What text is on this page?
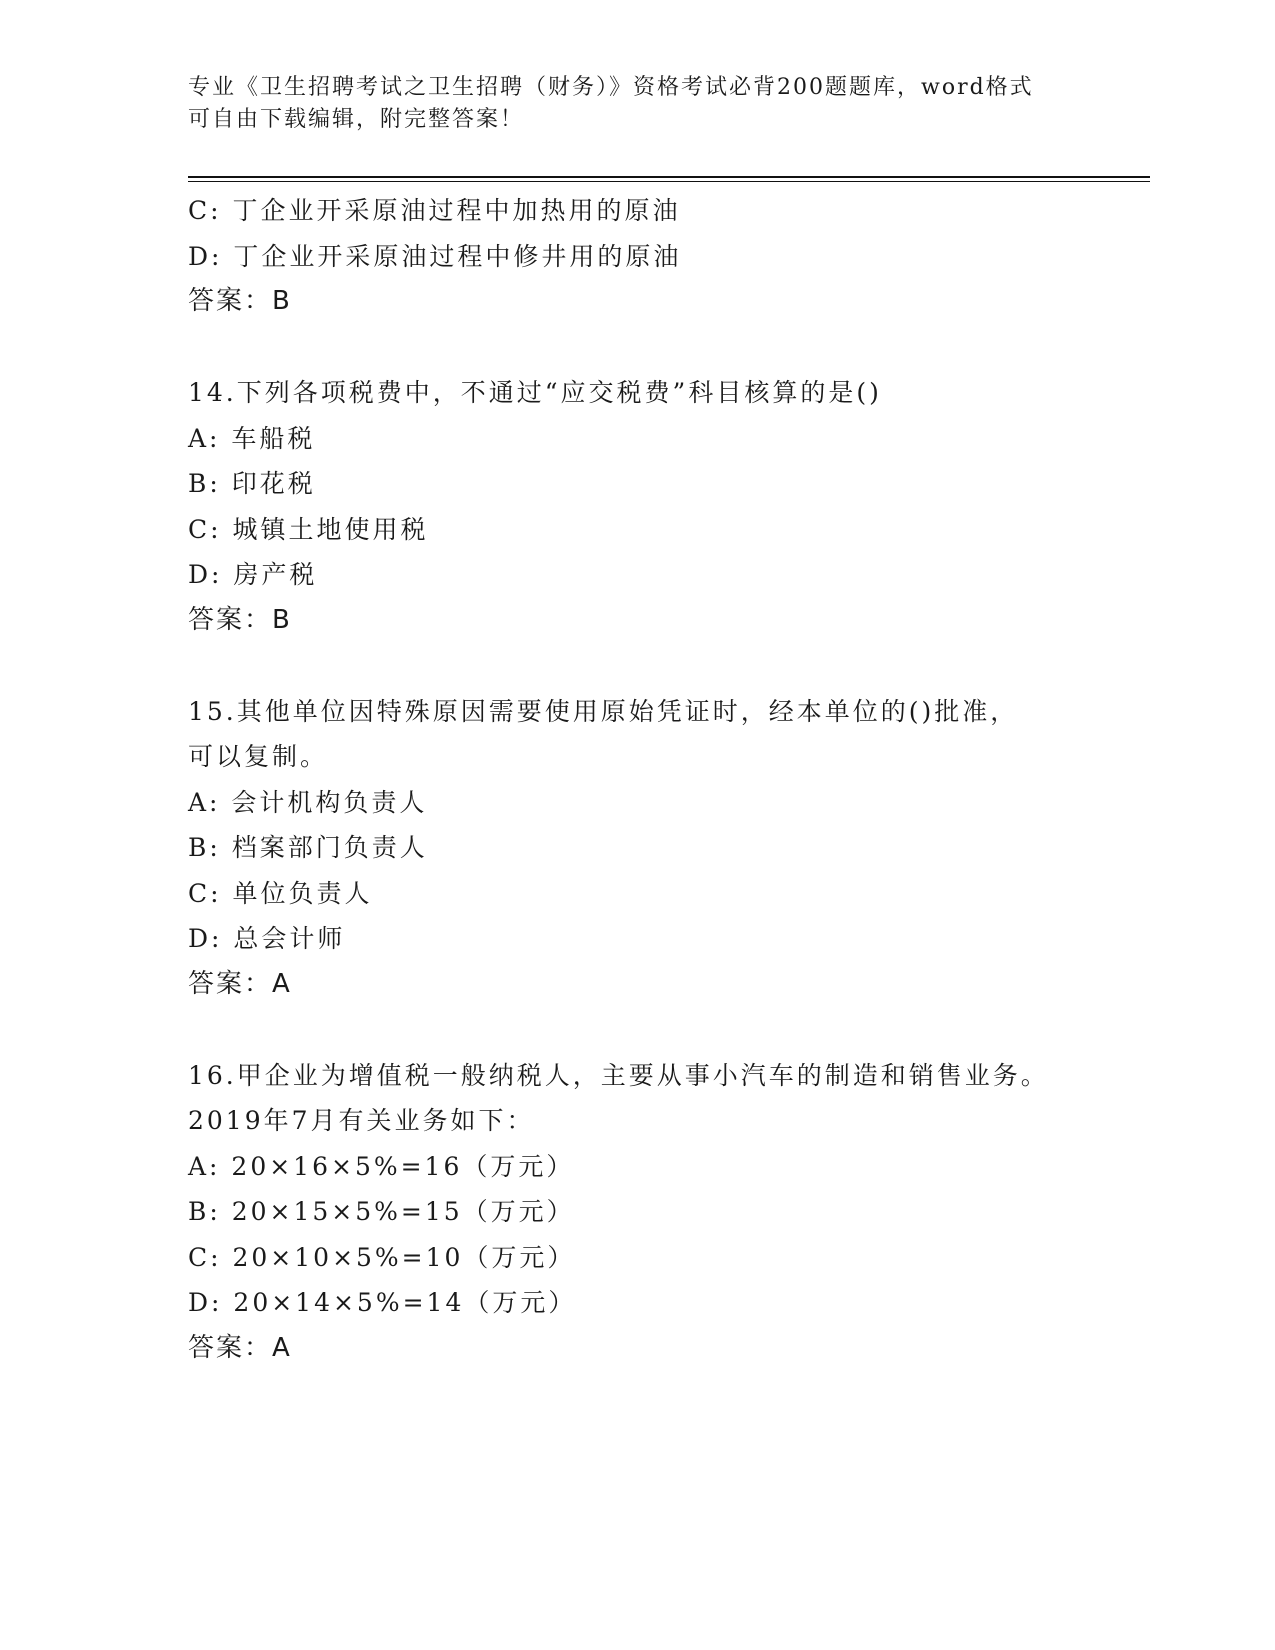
专业《卫生招聘考试之卫生招聘（财务）》资格考试必背200题题库，word格式
可自由下载编辑，附完整答案！
C: 丁企业开采原油过程中加热用的原油
D: 丁企业开采原油过程中修井用的原油
答案：B
14.下列各项税费中，不通过“应交税费”科目核算的是()
A: 车船税
B: 印花税
C: 城镇土地使用税
D: 房产税
答案：B
15.其他单位因特殊原因需要使用原始凭证时，经本单位的()批准，
可以复制。
A: 会计机构负责人
B: 档案部门负责人
C: 单位负责人
D: 总会计师
答案：A
16.甲企业为增值税一般纳税人，主要从事小汽车的制造和销售业务。
2019年7月有关业务如下：
A: 20×16×5%=16（万元）
B: 20×15×5%=15（万元）
C: 20×10×5%=10（万元）
D: 20×14×5%=14（万元）
答案：A
